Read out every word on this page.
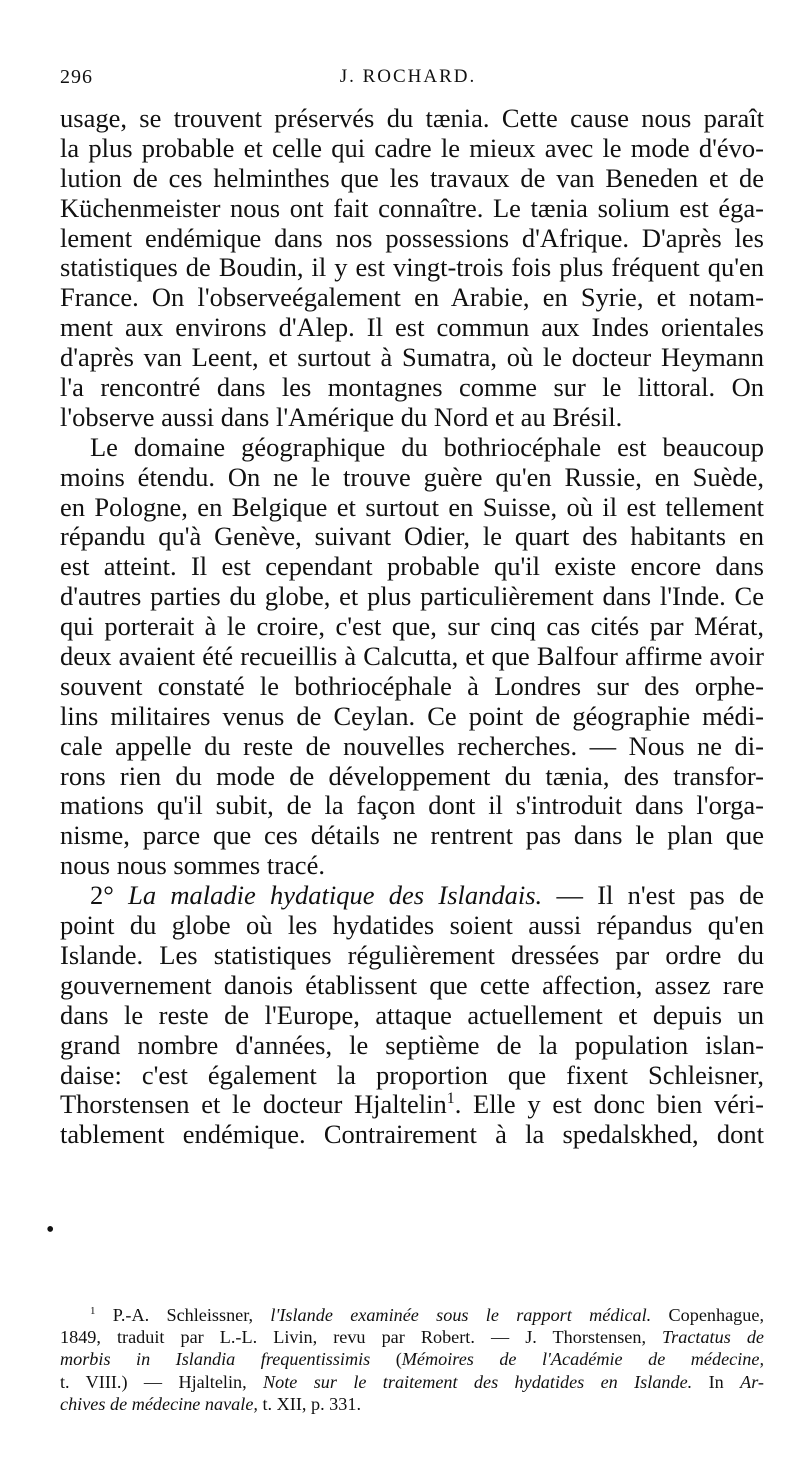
296	J. ROCHARD.
usage, se trouvent préservés du tænia. Cette cause nous paraît
la plus probable et celle qui cadre le mieux avec le mode d'évo-
lution de ces helminthes que les travaux de van Beneden et de
Küchenmeister nous ont fait connaître. Le tænia solium est éga-
lement endémique dans nos possessions d'Afrique. D'après les
statistiques de Boudin, il y est vingt-trois fois plus fréquent qu'en
France. On l'observeégalement en Arabie, en Syrie, et notam-
ment aux environs d'Alep. Il est commun aux Indes orientales
d'après van Leent, et surtout à Sumatra, où le docteur Heymann
l'a rencontré dans les montagnes comme sur le littoral. On
l'observe aussi dans l'Amérique du Nord et au Brésil.
Le domaine géographique du bothriocéphale est beaucoup
moins étendu. On ne le trouve guère qu'en Russie, en Suède,
en Pologne, en Belgique et surtout en Suisse, où il est tellement
répandu qu'à Genève, suivant Odier, le quart des habitants en
est atteint. Il est cependant probable qu'il existe encore dans
d'autres parties du globe, et plus particulièrement dans l'Inde. Ce
qui porterait à le croire, c'est que, sur cinq cas cités par Mérat,
deux avaient été recueillis à Calcutta, et que Balfour affirme avoir
souvent constaté le bothriocéphale à Londres sur des orphe-
lins militaires venus de Ceylan. Ce point de géographie médi-
cale appelle du reste de nouvelles recherches. — Nous ne di-
rons rien du mode de développement du tænia, des transfor-
mations qu'il subit, de la façon dont il s'introduit dans l'orga-
nisme, parce que ces détails ne rentrent pas dans le plan que
nous nous sommes tracé.
2° La maladie hydatique des Islandais. — Il n'est pas de
point du globe où les hydatides soient aussi répandus qu'en
Islande. Les statistiques régulièrement dressées par ordre du
gouvernement danois établissent que cette affection, assez rare
dans le reste de l'Europe, attaque actuellement et depuis un
grand nombre d'années, le septième de la population islan-
daise: c'est également la proportion que fixent Schleisner,
Thorstensen et le docteur Hjaltelin$^1$. Elle y est donc bien véri-
tablement endémique. Contrairement à la spedalskhed, dont
•
$^1$ P.-A. Schleissner, l'Islande examinée sous le rapport médical. Copenhague,
1849, traduit par L.-L. Livin, revu par Robert. — J. Thorstensen, Tractatus de
morbis in Islandia frequentissimis (Mémoires de l'Académie de médecine,
t. VIII.) — Hjaltelin, Note sur le traitement des hydatides en Islande. In Ar-
chives de médecine navale, t. XII, p. 331.
